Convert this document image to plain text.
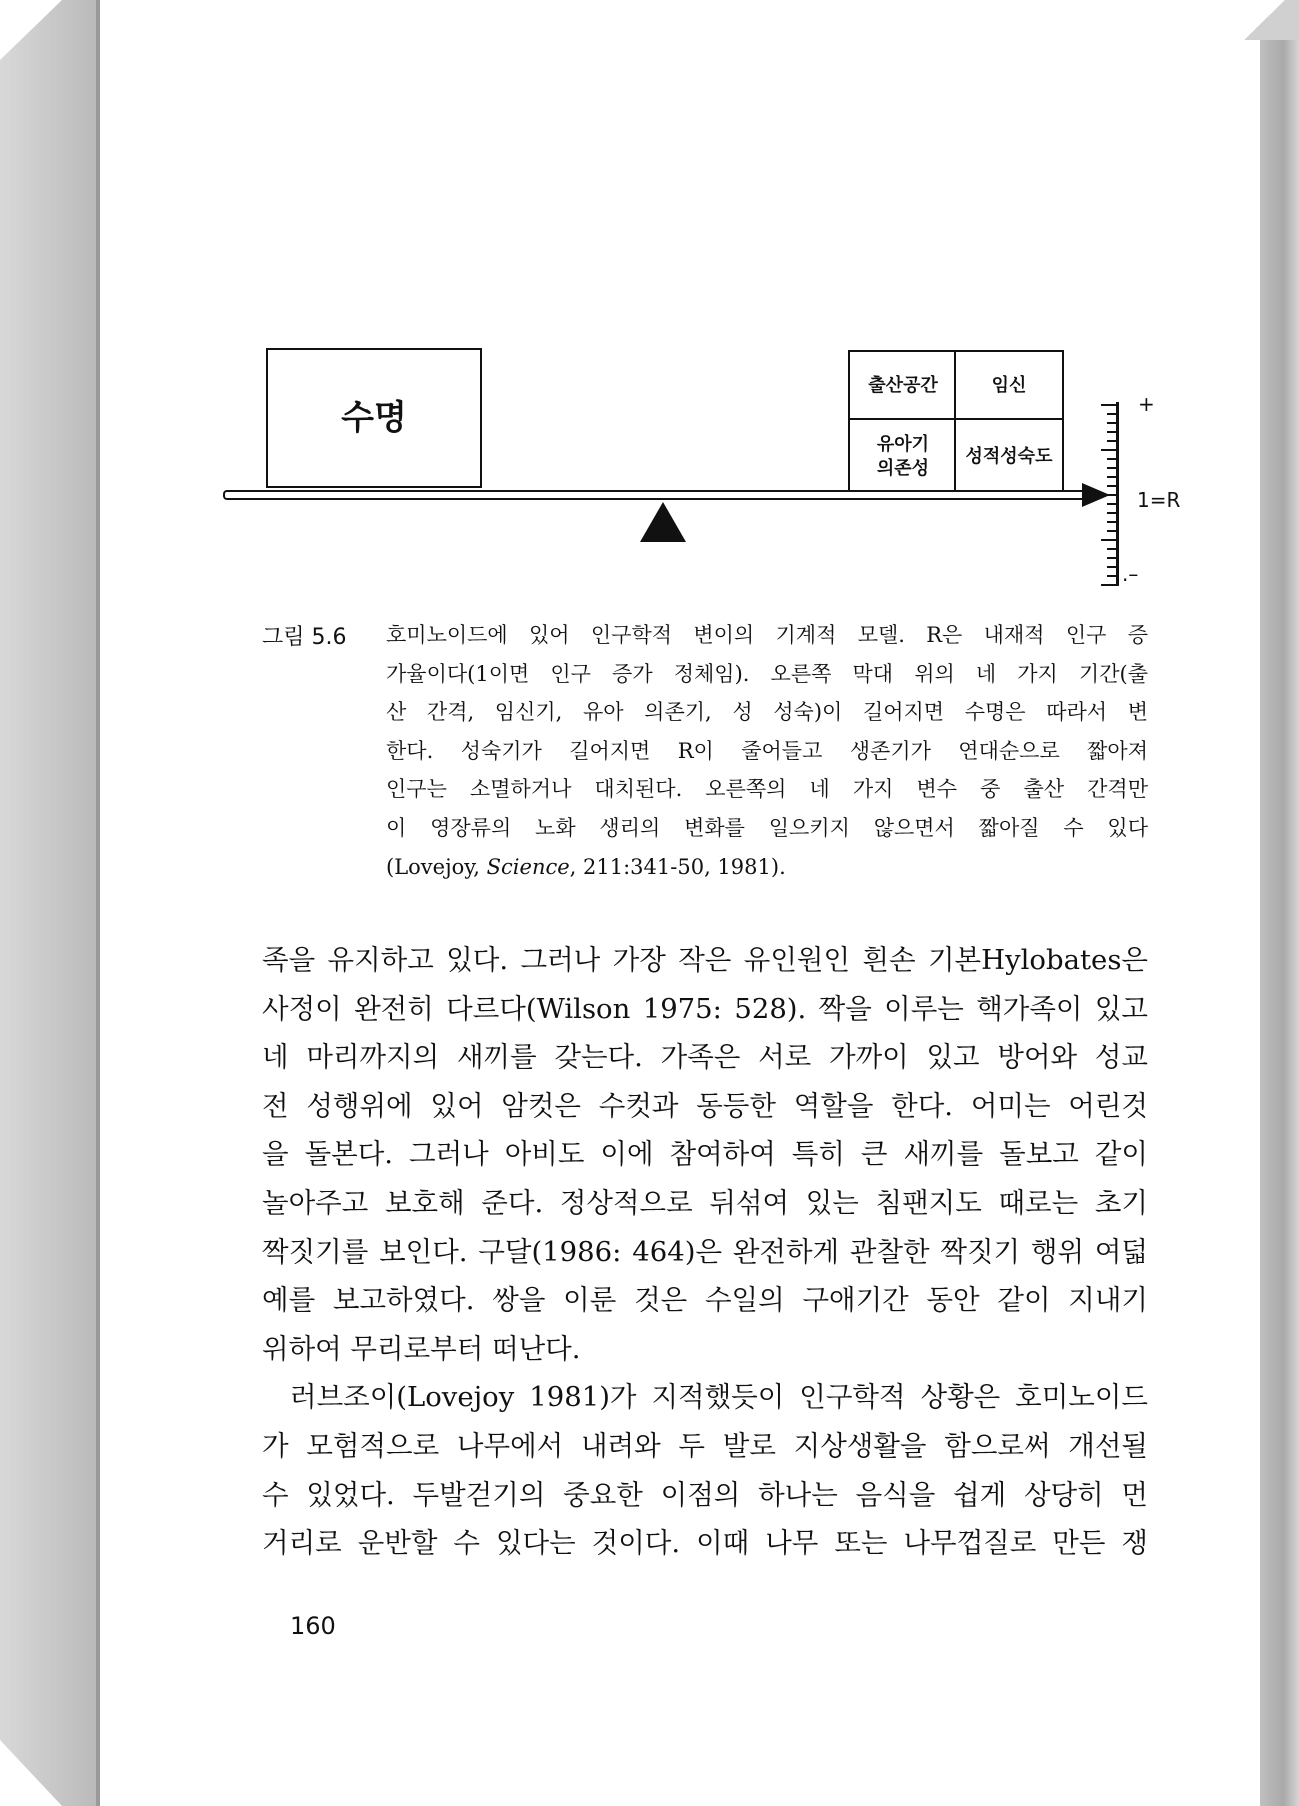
수명
출산공간	임신
유아기
의존성
성적성숙도
+
1=R
.–
그림 5.6 호미노이드에 있어 인구학적 변이의 기계적 모델. R은 내재적 인구 증

가율이다(1이면 인구 증가 정체임). 오른쪽 막대 위의 네 가지 기간(출

산 간격, 임신기, 유아 의존기, 성 성숙)이 길어지면 수명은 따라서 변

한다. 성숙기가 길어지면 R이 줄어들고 생존기가 연대순으로 짧아져

인구는 소멸하거나 대치된다. 오른쪽의 네 가지 변수 중 출산 간격만

이 영장류의 노화 생리의 변화를 일으키지 않으면서 짧아질 수 있다

(Lovejoy, Science, 211:341-50, 1981).

족을 유지하고 있다. 그러나 가장 작은 유인원인 흰손 기본Hylobates은

사정이 완전히 다르다(Wilson 1975: 528). 짝을 이루는 핵가족이 있고

네 마리까지의 새끼를 갖는다. 가족은 서로 가까이 있고 방어와 성교

전 성행위에 있어 암컷은 수컷과 동등한 역할을 한다. 어미는 어린것

을 돌본다. 그러나 아비도 이에 참여하여 특히 큰 새끼를 돌보고 같이

놀아주고 보호해 준다. 정상적으로 뒤섞여 있는 침팬지도 때로는 초기

짝짓기를 보인다. 구달(1986: 464)은 완전하게 관찰한 짝짓기 행위 여덟

예를 보고하였다. 쌍을 이룬 것은 수일의 구애기간 동안 같이 지내기

위하여 무리로부터 떠난다.

러브조이(Lovejoy 1981)가 지적했듯이 인구학적 상황은 호미노이드

가 모험적으로 나무에서 내려와 두 발로 지상생활을 함으로써 개선될

수 있었다. 두발걷기의 중요한 이점의 하나는 음식을 쉽게 상당히 먼

거리로 운반할 수 있다는 것이다. 이때 나무 또는 나무껍질로 만든 쟁

160
